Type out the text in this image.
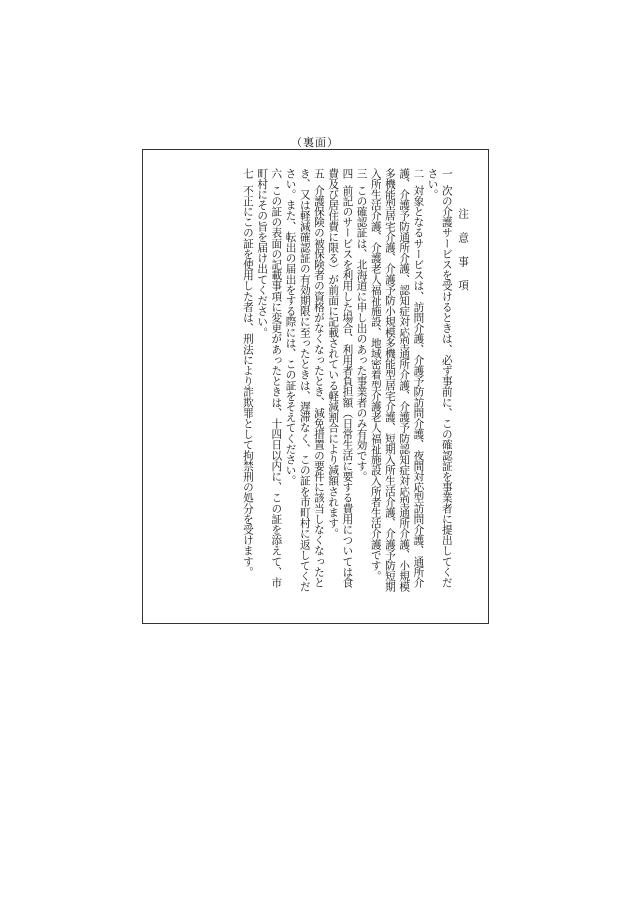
（裏面）
注 意 事 項
一次の介護サービスを受けるときは、必ず事前に、この確認証を事業者に提出してください。
二対象となるサービスは、訪問介護、介護予防訪問介護、夜間対応型訪問介護、通所介護、介護予防通所介護、認知症対応型通所介護、介護予防認知症対応型通所介護、小規模多機能型居宅介護、介護予防小規模多機能型居宅介護、短期入所生活介護、介護予防短期入所生活介護、介護老人福祉施設、地域密着型介護老人福祉施設入所者生活介護です。
三この確認証は、北海道に申し出のあった事業者のみ有効です。
四前記のサービスを利用した場合、利用者負担額（日常生活に要する費用については食費及び居住費に限る）が前面に記載されている軽減割合により減額されます。
五介護保険の被保険者の資格がなくなったとき、減免措置の要件に該当しなくなったとき、又は軽減確認証の有効期限に至ったときは、遅滞なく、この証を市町村に返してください。また、転出の届出をする際には、この証をそえてください。
六この証の表面の記載事項に変更があったときは、十四日以内に、この証を添えて、市町村にその旨を届け出てください。
七不正にこの証を使用した者は、刑法により詐欺罪として拘禁刑の処分を受けます。
